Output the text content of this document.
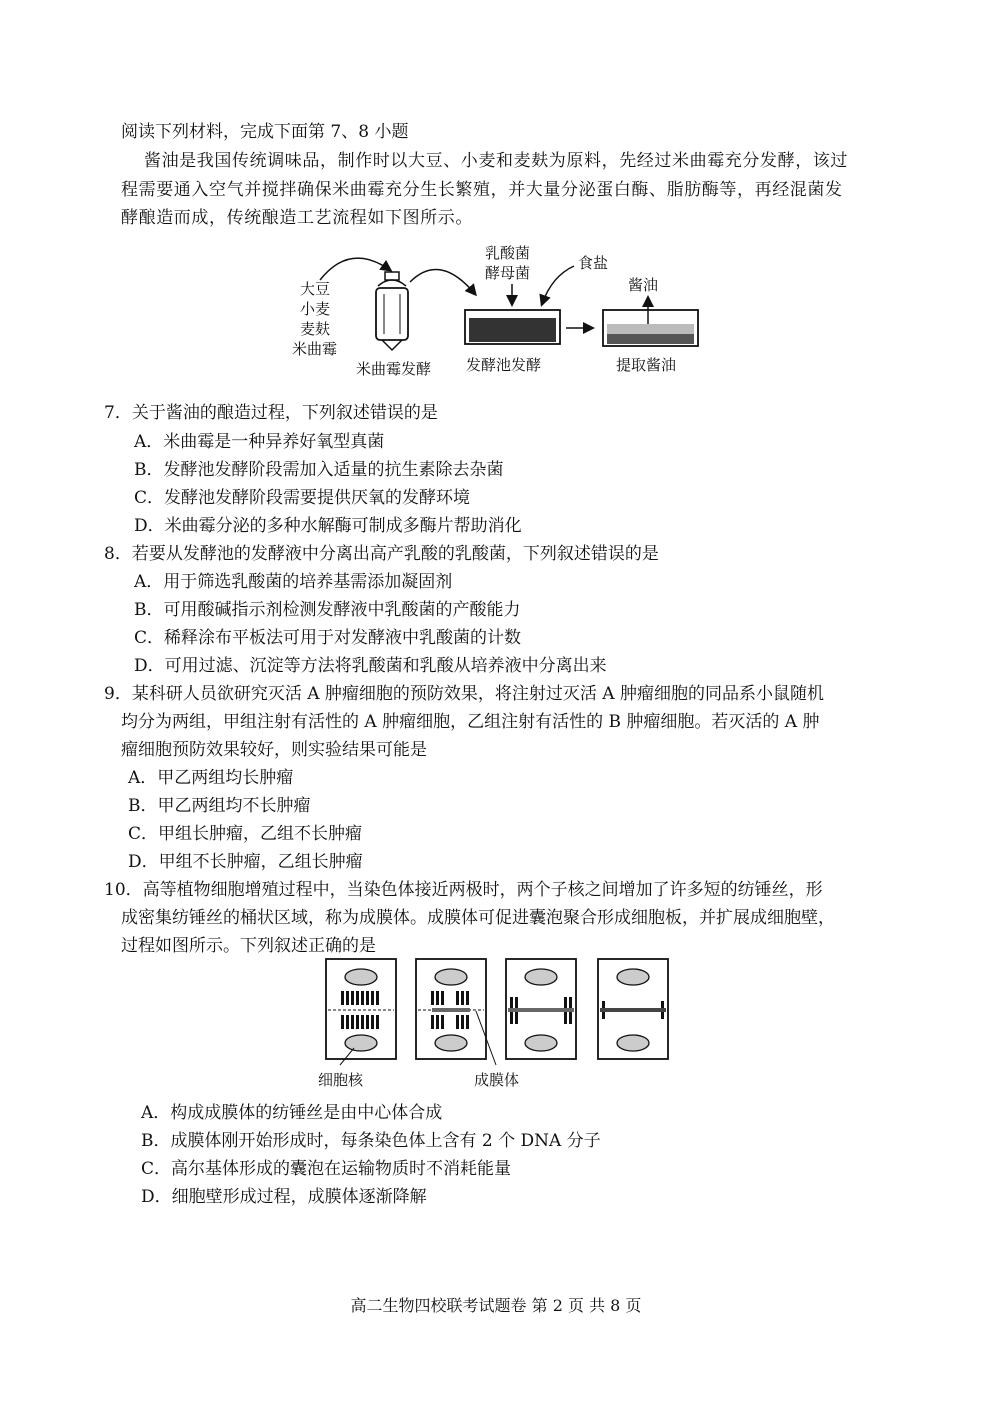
阅读下列材料，完成下面第 7、8 小题
酱油是我国传统调味品，制作时以大豆、小麦和麦麸为原料，先经过米曲霉充分发酵，该过
程需要通入空气并搅拌确保米曲霉充分生长繁殖，并大量分泌蛋白酶、脂肪酶等，再经混菌发
酵酿造而成，传统酿造工艺流程如下图所示。
大豆
小麦
麦麸
米曲霉
米曲霉发酵
乳酸菌
酵母菌
食盐
发酵池发酵
酱油
提取酱油
7．关于酱油的酿造过程，下列叙述错误的是
A．米曲霉是一种异养好氧型真菌
B．发酵池发酵阶段需加入适量的抗生素除去杂菌
C．发酵池发酵阶段需要提供厌氧的发酵环境
D．米曲霉分泌的多种水解酶可制成多酶片帮助消化
8．若要从发酵池的发酵液中分离出高产乳酸的乳酸菌，下列叙述错误的是
A．用于筛选乳酸菌的培养基需添加凝固剂
B．可用酸碱指示剂检测发酵液中乳酸菌的产酸能力
C．稀释涂布平板法可用于对发酵液中乳酸菌的计数
D．可用过滤、沉淀等方法将乳酸菌和乳酸从培养液中分离出来
9．某科研人员欲研究灭活 A 肿瘤细胞的预防效果，将注射过灭活 A 肿瘤细胞的同品系小鼠随机
均分为两组，甲组注射有活性的 A 肿瘤细胞，乙组注射有活性的 B 肿瘤细胞。若灭活的 A 肿
瘤细胞预防效果较好，则实验结果可能是
A．甲乙两组均长肿瘤
B．甲乙两组均不长肿瘤
C．甲组长肿瘤，乙组不长肿瘤
D．甲组不长肿瘤，乙组长肿瘤
10．高等植物细胞增殖过程中，当染色体接近两极时，两个子核之间增加了许多短的纺锤丝，形
成密集纺锤丝的桶状区域，称为成膜体。成膜体可促进囊泡聚合形成细胞板，并扩展成细胞壁，
过程如图所示。下列叙述正确的是
细胞核	成膜体
A．构成成膜体的纺锤丝是由中心体合成
B．成膜体刚开始形成时，每条染色体上含有 2 个 DNA 分子
C．高尔基体形成的囊泡在运输物质时不消耗能量
D．细胞壁形成过程，成膜体逐渐降解
高二生物四校联考试题卷 第 2 页 共 8 页
